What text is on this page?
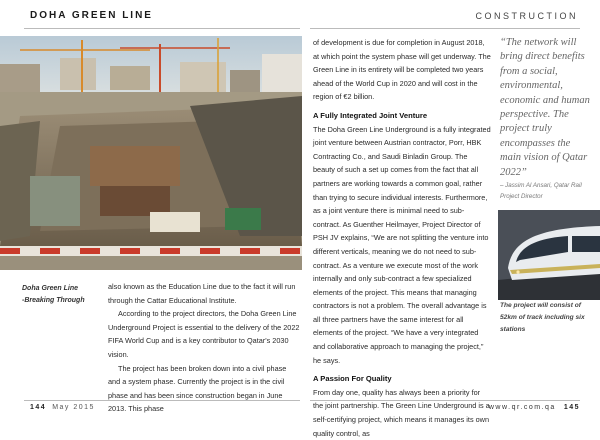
DOHA GREEN LINE	CONSTRUCTION
Doha Green Line
-Breaking Through

also known as the Education Line due to the fact it will run through the Cattar Educational Institute.

According to the project directors, the Doha Green Line Underground Project is essential to the delivery of the 2022 FIFA World Cup and is a key contributor to Qatar's 2030 vision.

The project has been broken down into a civil phase and a system phase. Currently the project is in the civil phase and has been since construction began in June 2013. This phase

of development is due for completion in August 2018, at which point the system phase will get underway. The Green Line in its entirety will be completed two years ahead of the World Cup in 2020 and will cost in the region of €2 billion.

A Fully Integrated Joint Venture

The Doha Green Line Underground is a fully integrated joint venture between Austrian contractor, Porr, HBK Contracting Co., and Saudi Binladin Group. The beauty of such a set up comes from the fact that all partners are working towards a common goal, rather than trying to secure individual interests. Furthermore, as a joint venture there is minimal need to sub-contract. As Guenther Heilmayer, Project Director of PSH JV explains, “We are not splitting the venture into different verticals, meaning we do not need to sub-contract. As a venture we execute most of the work internally and only sub-contract a few specialized elements of the project. This means that managing contractors is not a problem. The overall advantage is all three partners have the same interest for all elements of the project. “We have a very integrated and collaborative approach to managing the project,” he says.

A Passion For Quality

From day one, quality has always been a priority for the joint partnership. The Green Line Underground is a self-certifying project, which means it manages its own quality control, as

“The network will bring direct benefits from a social, environmental, economic and human perspective. The project truly encompasses the main vision of Qatar 2022”
– Jassim Al Ansari, Qatar Rail Project Director
The project will consist of 52km of track including six stations
144 May 2015	www.qr.com.qa 145
